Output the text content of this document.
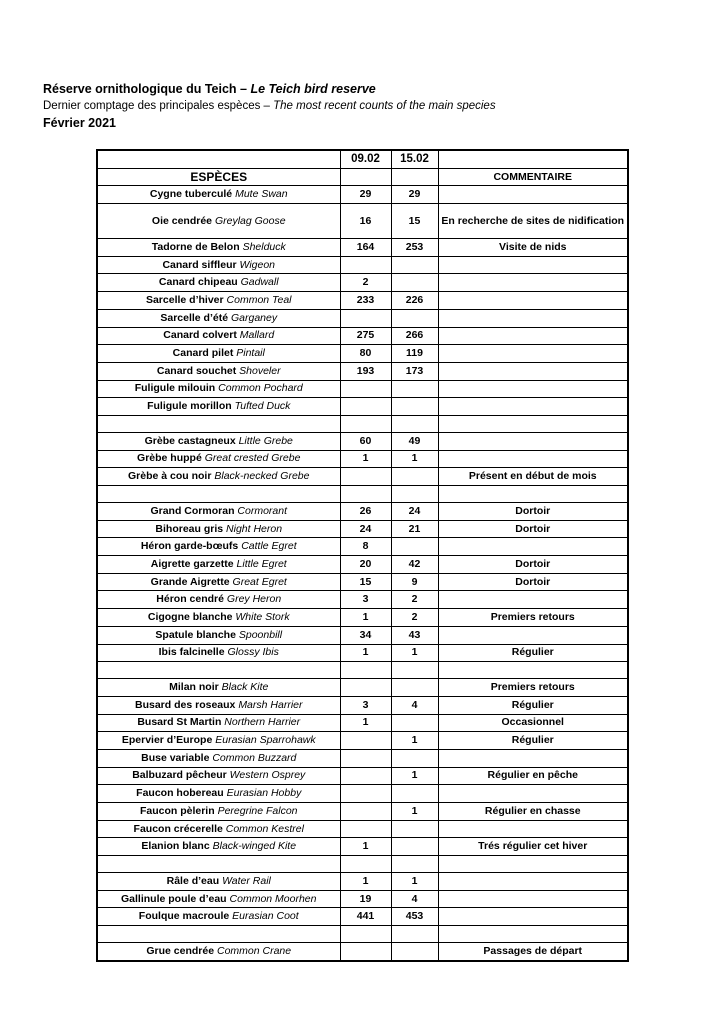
Réserve ornithologique du Teich – Le Teich bird reserve
Dernier comptage des principales espèces – The most recent counts of the main species
Février 2021
	09.02	15.02	
ESPÈCES			COMMENTAIRE
Cygne tuberculé Mute Swan	29	29	
Oie cendrée Greylag Goose	16	15	En recherche de sites de nidification
Tadorne de Belon Shelduck	164	253	Visite de nids
Canard siffleur Wigeon			
Canard chipeau Gadwall	2		
Sarcelle d’hiver Common Teal	233	226	
Sarcelle d’été Garganey			
Canard colvert Mallard	275	266	
Canard pilet Pintail	80	119	
Canard souchet Shoveler	193	173	
Fuligule milouin Common Pochard			
Fuligule morillon Tufted Duck			

Grèbe castagneux Little Grebe	60	49	
Grèbe huppé Great crested Grebe	1	1	
Grèbe à cou noir Black-necked Grebe			Présent en début de mois

Grand Cormoran Cormorant	26	24	Dortoir
Bihoreau gris Night Heron	24	21	Dortoir
Héron garde-bœufs Cattle Egret	8		
Aigrette garzette Little Egret	20	42	Dortoir
Grande Aigrette Great Egret	15	9	Dortoir
Héron cendré Grey Heron	3	2	
Cigogne blanche White Stork	1	2	Premiers retours
Spatule blanche Spoonbill	34	43	
Ibis falcinelle Glossy Ibis	1	1	Régulier

Milan noir Black Kite			Premiers retours
Busard des roseaux Marsh Harrier	3	4	Régulier
Busard St Martin Northern Harrier	1		Occasionnel
Epervier d’Europe Eurasian Sparrohawk		1	Régulier
Buse variable Common Buzzard			
Balbuzard pêcheur Western Osprey		1	Régulier en pêche
Faucon hobereau Eurasian Hobby			
Faucon pèlerin Peregrine Falcon		1	Régulier en chasse
Faucon crécerelle Common Kestrel			
Elanion blanc Black-winged Kite	1		Trés régulier cet hiver

Râle d’eau Water Rail	1	1	
Gallinule poule d’eau Common Moorhen	19	4	
Foulque macroule Eurasian Coot	441	453	

Grue cendrée Common Crane			Passages de départ
